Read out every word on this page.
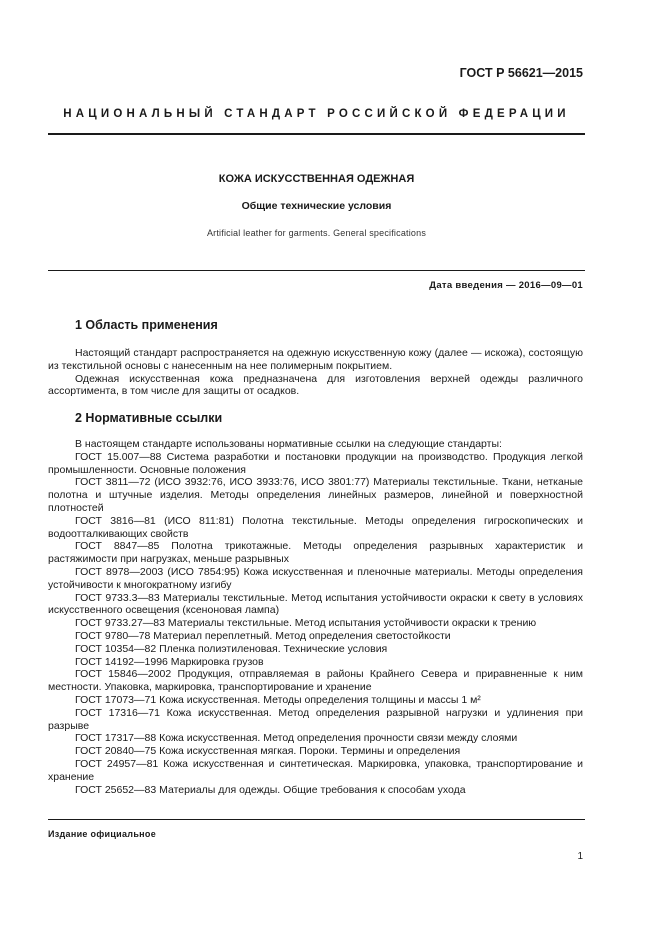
ГОСТ Р 56621—2015
НАЦИОНАЛЬНЫЙ СТАНДАРТ РОССИЙСКОЙ ФЕДЕРАЦИИ
КОЖА ИСКУССТВЕННАЯ ОДЕЖНАЯ
Общие технические условия
Artificial leather for garments. General specifications
Дата введения — 2016—09—01
1 Область применения

Настоящий стандарт распространяется на одежную искусственную кожу (далее — искожа), состоящую из текстильной основы с нанесенным на нее полимерным покрытием.

Одежная искусственная кожа предназначена для изготовления верхней одежды различного ассортимента, в том числе для защиты от осадков.

2 Нормативные ссылки

В настоящем стандарте использованы нормативные ссылки на следующие стандарты:

ГОСТ 15.007—88 Система разработки и постановки продукции на производство. Продукция легкой промышленности. Основные положения

ГОСТ 3811—72 (ИСО 3932:76, ИСО 3933:76, ИСО 3801:77) Материалы текстильные. Ткани, нетканые полотна и штучные изделия. Методы определения линейных размеров, линейной и поверхностной плотностей

ГОСТ 3816—81 (ИСО 811:81) Полотна текстильные. Методы определения гигроскопических и водоотталкивающих свойств

ГОСТ 8847—85 Полотна трикотажные. Методы определения разрывных характеристик и растяжимости при нагрузках, меньше разрывных

ГОСТ 8978—2003 (ИСО 7854:95) Кожа искусственная и пленочные материалы. Методы определения устойчивости к многократному изгибу

ГОСТ 9733.3—83 Материалы текстильные. Метод испытания устойчивости окраски к свету в условиях искусственного освещения (ксеноновая лампа)

ГОСТ 9733.27—83 Материалы текстильные. Метод испытания устойчивости окраски к трению

ГОСТ 9780—78 Материал переплетный. Метод определения светостойкости

ГОСТ 10354—82 Пленка полиэтиленовая. Технические условия

ГОСТ 14192—1996 Маркировка грузов

ГОСТ 15846—2002 Продукция, отправляемая в районы Крайнего Севера и приравненные к ним местности. Упаковка, маркировка, транспортирование и хранение

ГОСТ 17073—71 Кожа искусственная. Методы определения толщины и массы 1 м²

ГОСТ 17316—71 Кожа искусственная. Метод определения разрывной нагрузки и удлинения при разрыве

ГОСТ 17317—88 Кожа искусственная. Метод определения прочности связи между слоями

ГОСТ 20840—75 Кожа искусственная мягкая. Пороки. Термины и определения

ГОСТ 24957—81 Кожа искусственная и синтетическая. Маркировка, упаковка, транспортирование и хранение

ГОСТ 25652—83 Материалы для одежды. Общие требования к способам ухода

Издание официальное
1
